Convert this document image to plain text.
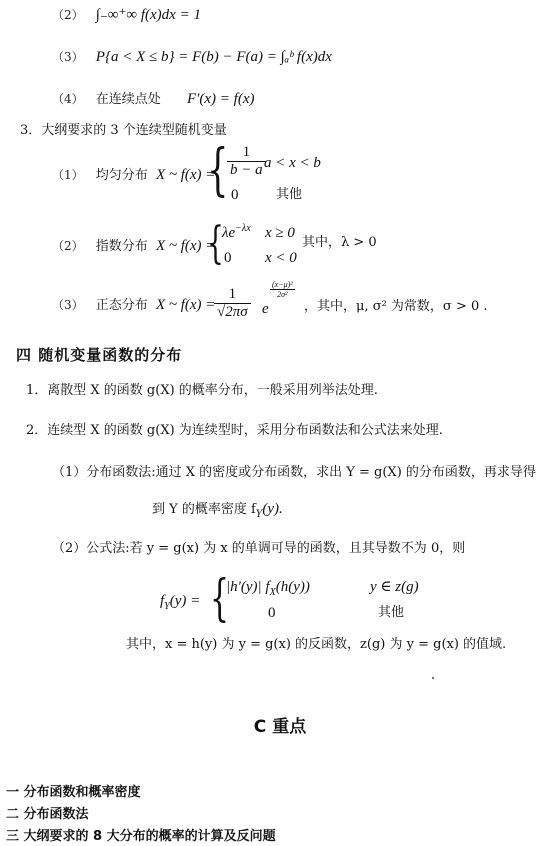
（2） ∫₋∞⁺∞ f(x)dx = 1
（3） P{a < X ≤ b} = F(b) − F(a) = ∫ₐᵇ f(x)dx
（4） 在连续点处 F′(x) = f(x)
3．大纲要求的 3 个连续型随机变量
（1） 均匀分布 X ~ f(x) =
{
$\frac{1}{b - a}$
a < x < b
0	其他
（2） 指数分布 X ~ f(x) =
{
$\lambda e^{-\lambda x}$ x ≥ 0
0 x < 0
其中，λ > 0
（3） 正态分布 X ~ f(x) =
$\frac{1}{√2\pi\sigma}$ e
$\frac{\text{(x−μ)²}}{\text{2σ²}}$
，其中，μ, σ² 为常数，σ > 0 .
四 随机变量函数的分布
1．离散型 X 的函数 g(X) 的概率分布，一般采用列举法处理.
2．连续型 X 的函数 g(X) 为连续型时，采用分布函数法和公式法来处理.
（1）分布函数法:通过 X 的密度或分布函数，求出 Y = g(X) 的分布函数，再求导得
到 Y 的概率密度 $f_Y(y)$.
（2）公式法:若 y = g(x) 为 x 的单调可导的函数，且其导数不为 0，则
$f_Y(y)$ = {
|h′(y)| $f_X(h(y))$	y ∈ z(g)
0	其他
其中，x = h(y) 为 y = g(x) 的反函数，z(g) 为 y = g(x) 的值域.
C 重点
一 分布函数和概率密度
二 分布函数法
三 大纲要求的 8 大分布的概率的计算及反问题
